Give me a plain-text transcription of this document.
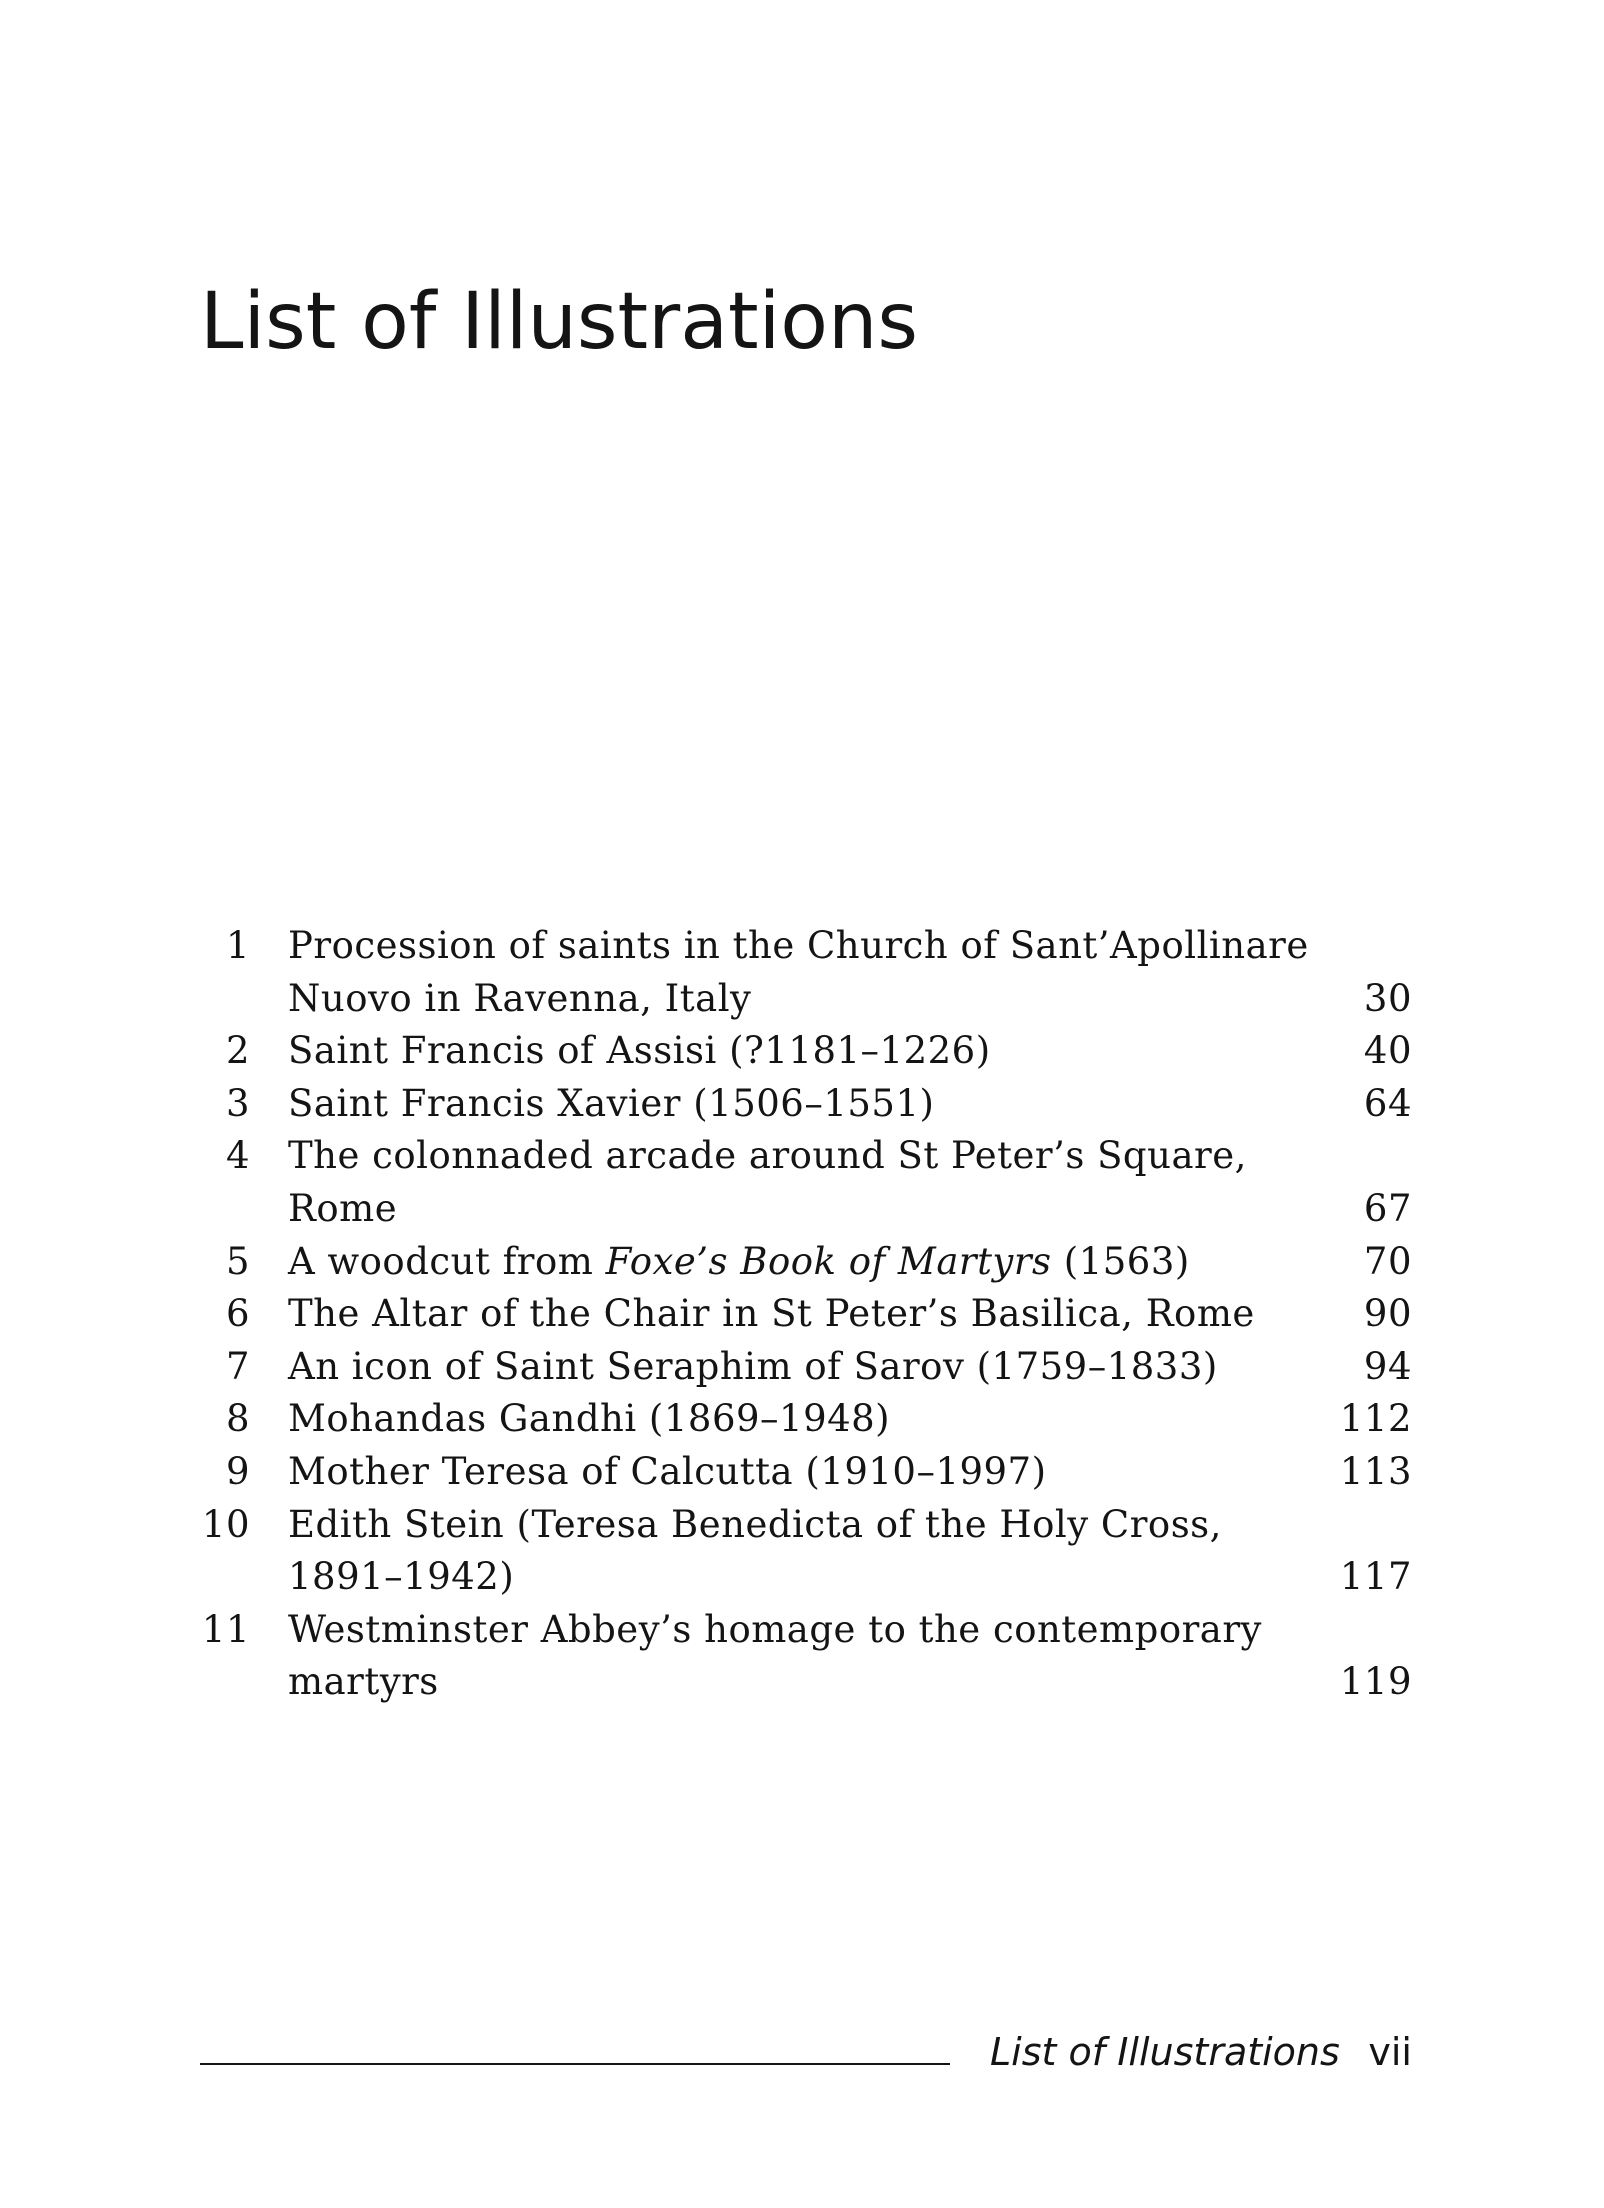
List of Illustrations
1	Procession of saints in the Church of Sant’Apollinare Nuovo in Ravenna, Italy	30
2	Saint Francis of Assisi (?1181–1226)	40
3	Saint Francis Xavier (1506–1551)	64
4	The colonnaded arcade around St Peter’s Square, Rome	67
5	A woodcut from Foxe’s Book of Martyrs (1563)	70
6	The Altar of the Chair in St Peter’s Basilica, Rome	90
7	An icon of Saint Seraphim of Sarov (1759–1833)	94
8	Mohandas Gandhi (1869–1948)	112
9	Mother Teresa of Calcutta (1910–1997)	113
10	Edith Stein (Teresa Benedicta of the Holy Cross, 1891–1942)	117
11	Westminster Abbey’s homage to the contemporary martyrs	119
List of Illustrations vii
